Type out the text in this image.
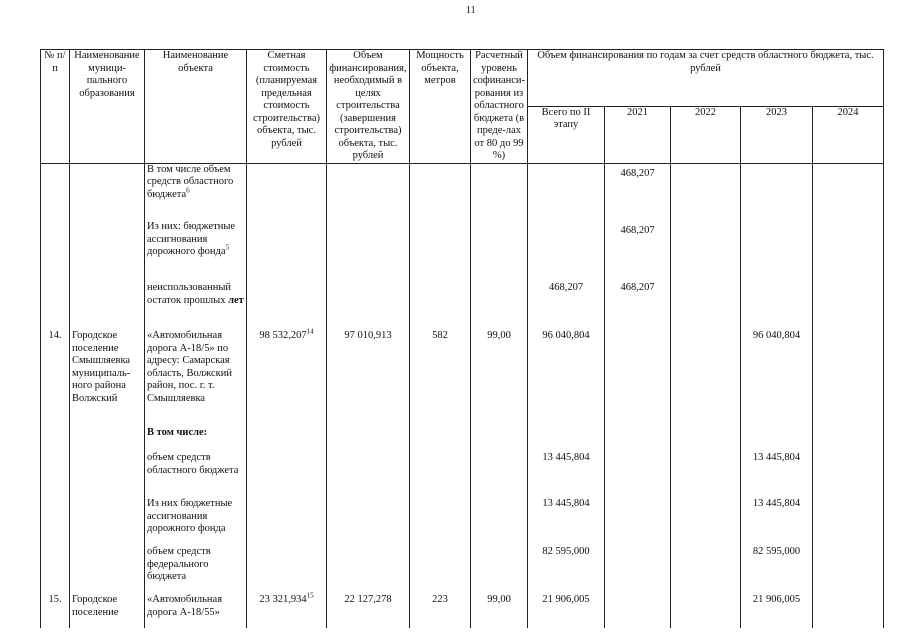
11
№ п/п	Наименование муници-пального образования	Наименование объекта	Сметная стоимость (планируемая предельная стоимость строительства) объекта, тыс. рублей	Объем финансирования, необходимый в целях строительства (завершения строительства) объекта, тыс. рублей	Мощность объекта, метров	Расчетный уровень софинанси-рования из областного бюджета (в преде-лах от 80 до 99 %)	Объем финансирования по годам за счет средств областного бюджета, тыс. рублей				
							Всего по II этапу	2021	2022	2023	2024
		В том числе объем средств областного бюджета$^6$						468,207			
		Из них: бюджетные ассигнования дорожного фонда$^5$						468,207			
		неиспользованный остаток прошлых лет					468,207	468,207			
14.	Городское поселение Смышляевка муниципаль-ного района Волжский	«Автомобильная дорога А-18/5» по адресу: Самарская область, Волжский район, пос. г. т. Смышляевка	98 532,207$^{14}$	97 010,913	582	99,00	96 040,804			96 040,804	
		В том числе:									
		объем средств областного бюджета					13 445,804			13 445,804	
		Из них бюджетные ассигнования дорожного фонда					13 445,804			13 445,804	
		объем средств федерального бюджета					82 595,000			82 595,000	
15.	Городское поселение	«Автомобильная дорога А-18/55»	23 321,934$^{15}$	22 127,278	223	99,00	21 906,005			21 906,005	
